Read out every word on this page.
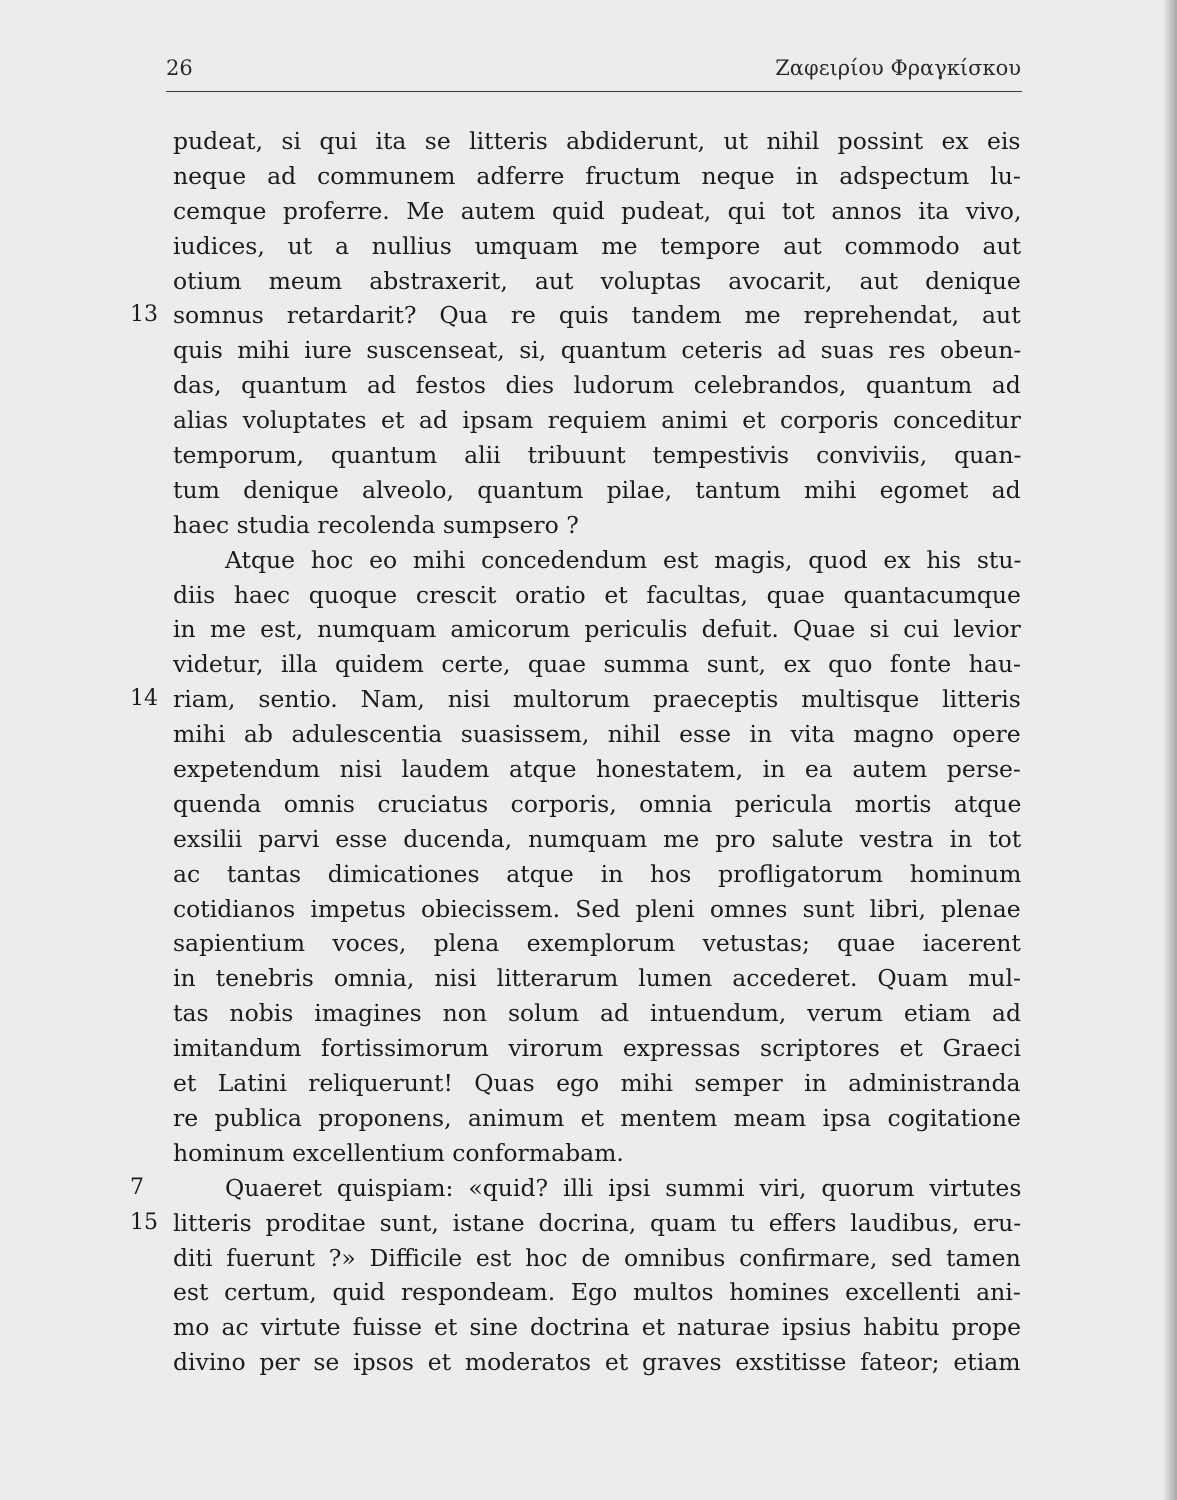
26	Ζαφειρίου Φραγκίσκου
pudeat, si qui ita se litteris abdiderunt, ut nihil possint ex eis
neque ad communem adferre fructum neque in adspectum lu-
cemque proferre. Me autem quid pudeat, qui tot annos ita vivo,
iudices, ut a nullius umquam me tempore aut commodo aut
otium meum abstraxerit, aut voluptas avocarit, aut denique
13 somnus retardarit? Qua re quis tandem me reprehendat, aut
quis mihi iure suscenseat, si, quantum ceteris ad suas res obeun-
das, quantum ad festos dies ludorum celebrandos, quantum ad
alias voluptates et ad ipsam requiem animi et corporis conceditur
temporum, quantum alii tribuunt tempestivis conviviis, quan-
tum denique alveolo, quantum pilae, tantum mihi egomet ad
haec studia recolenda sumpsero ?
Atque hoc eo mihi concedendum est magis, quod ex his stu-
diis haec quoque crescit oratio et facultas, quae quantacumque
in me est, numquam amicorum periculis defuit. Quae si cui levior
videtur, illa quidem certe, quae summa sunt, ex quo fonte hau-
14 riam, sentio. Nam, nisi multorum praeceptis multisque litteris
mihi ab adulescentia suasissem, nihil esse in vita magno opere
expetendum nisi laudem atque honestatem, in ea autem perse-
quenda omnis cruciatus corporis, omnia pericula mortis atque
exsilii parvi esse ducenda, numquam me pro salute vestra in tot
ac tantas dimicationes atque in hos profligatorum hominum
cotidianos impetus obiecissem. Sed pleni omnes sunt libri, plenae
sapientium voces, plena exemplorum vetustas; quae iacerent
in tenebris omnia, nisi litterarum lumen accederet. Quam mul-
tas nobis imagines non solum ad intuendum, verum etiam ad
imitandum fortissimorum virorum expressas scriptores et Graeci
et Latini reliquerunt! Quas ego mihi semper in administranda
re publica proponens, animum et mentem meam ipsa cogitatione
hominum excellentium conformabam.
7	Quaeret quispiam: «quid? illi ipsi summi viri, quorum virtutes
15 litteris proditae sunt, istane docrina, quam tu effers laudibus, eru-
diti fuerunt ?» Difficile est hoc de omnibus confirmare, sed tamen
est certum, quid respondeam. Ego multos homines excellenti ani-
mo ac virtute fuisse et sine doctrina et naturae ipsius habitu prope
divino per se ipsos et moderatos et graves exstitisse fateor; etiam
